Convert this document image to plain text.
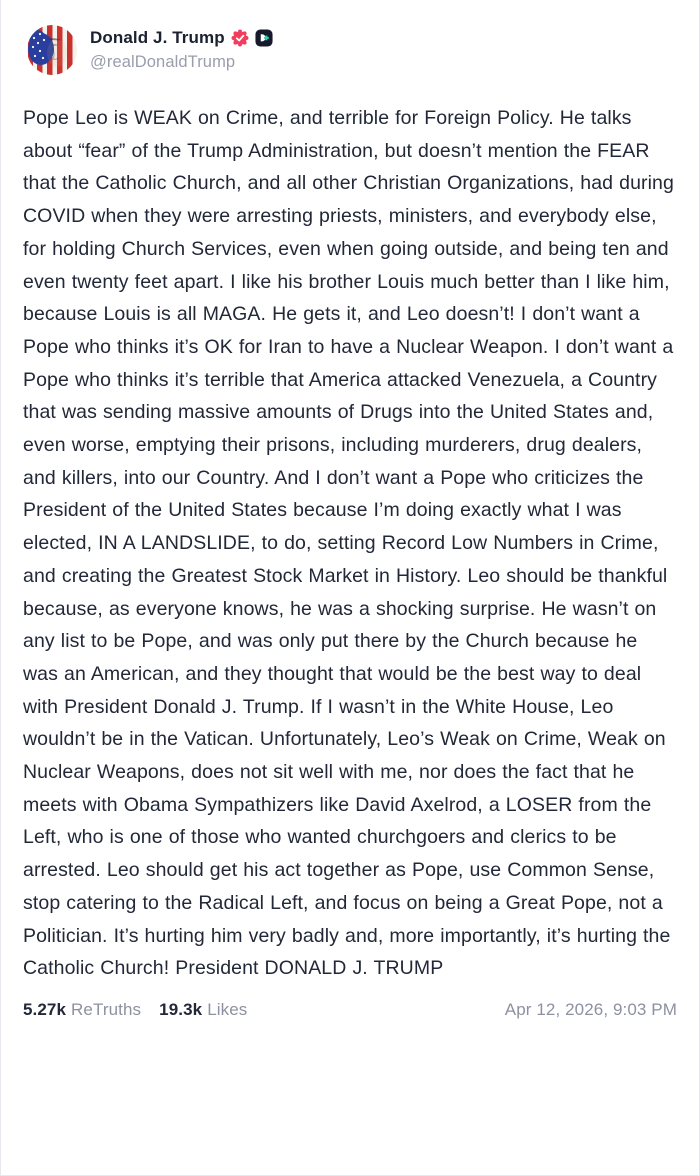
Donald J. Trump
@realDonaldTrump
Pope Leo is WEAK on Crime, and terrible for Foreign Policy. He talks about “fear” of the Trump Administration, but doesn’t mention the FEAR that the Catholic Church, and all other Christian Organizations, had during COVID when they were arresting priests, ministers, and everybody else, for holding Church Services, even when going outside, and being ten and even twenty feet apart. I like his brother Louis much better than I like him, because Louis is all MAGA. He gets it, and Leo doesn’t! I don’t want a Pope who thinks it’s OK for Iran to have a Nuclear Weapon. I don’t want a Pope who thinks it’s terrible that America attacked Venezuela, a Country that was sending massive amounts of Drugs into the United States and, even worse, emptying their prisons, including murderers, drug dealers, and killers, into our Country. And I don’t want a Pope who criticizes the President of the United States because I’m doing exactly what I was elected, IN A LANDSLIDE, to do, setting Record Low Numbers in Crime, and creating the Greatest Stock Market in History. Leo should be thankful because, as everyone knows, he was a shocking surprise. He wasn’t on any list to be Pope, and was only put there by the Church because he was an American, and they thought that would be the best way to deal with President Donald J. Trump. If I wasn’t in the White House, Leo wouldn’t be in the Vatican. Unfortunately, Leo’s Weak on Crime, Weak on Nuclear Weapons, does not sit well with me, nor does the fact that he meets with Obama Sympathizers like David Axelrod, a LOSER from the Left, who is one of those who wanted churchgoers and clerics to be arrested. Leo should get his act together as Pope, use Common Sense, stop catering to the Radical Left, and focus on being a Great Pope, not a Politician. It’s hurting him very badly and, more importantly, it’s hurting the Catholic Church! President DONALD J. TRUMP
5.27k ReTruths 19.3k Likes	Apr 12, 2026, 9:03 PM
